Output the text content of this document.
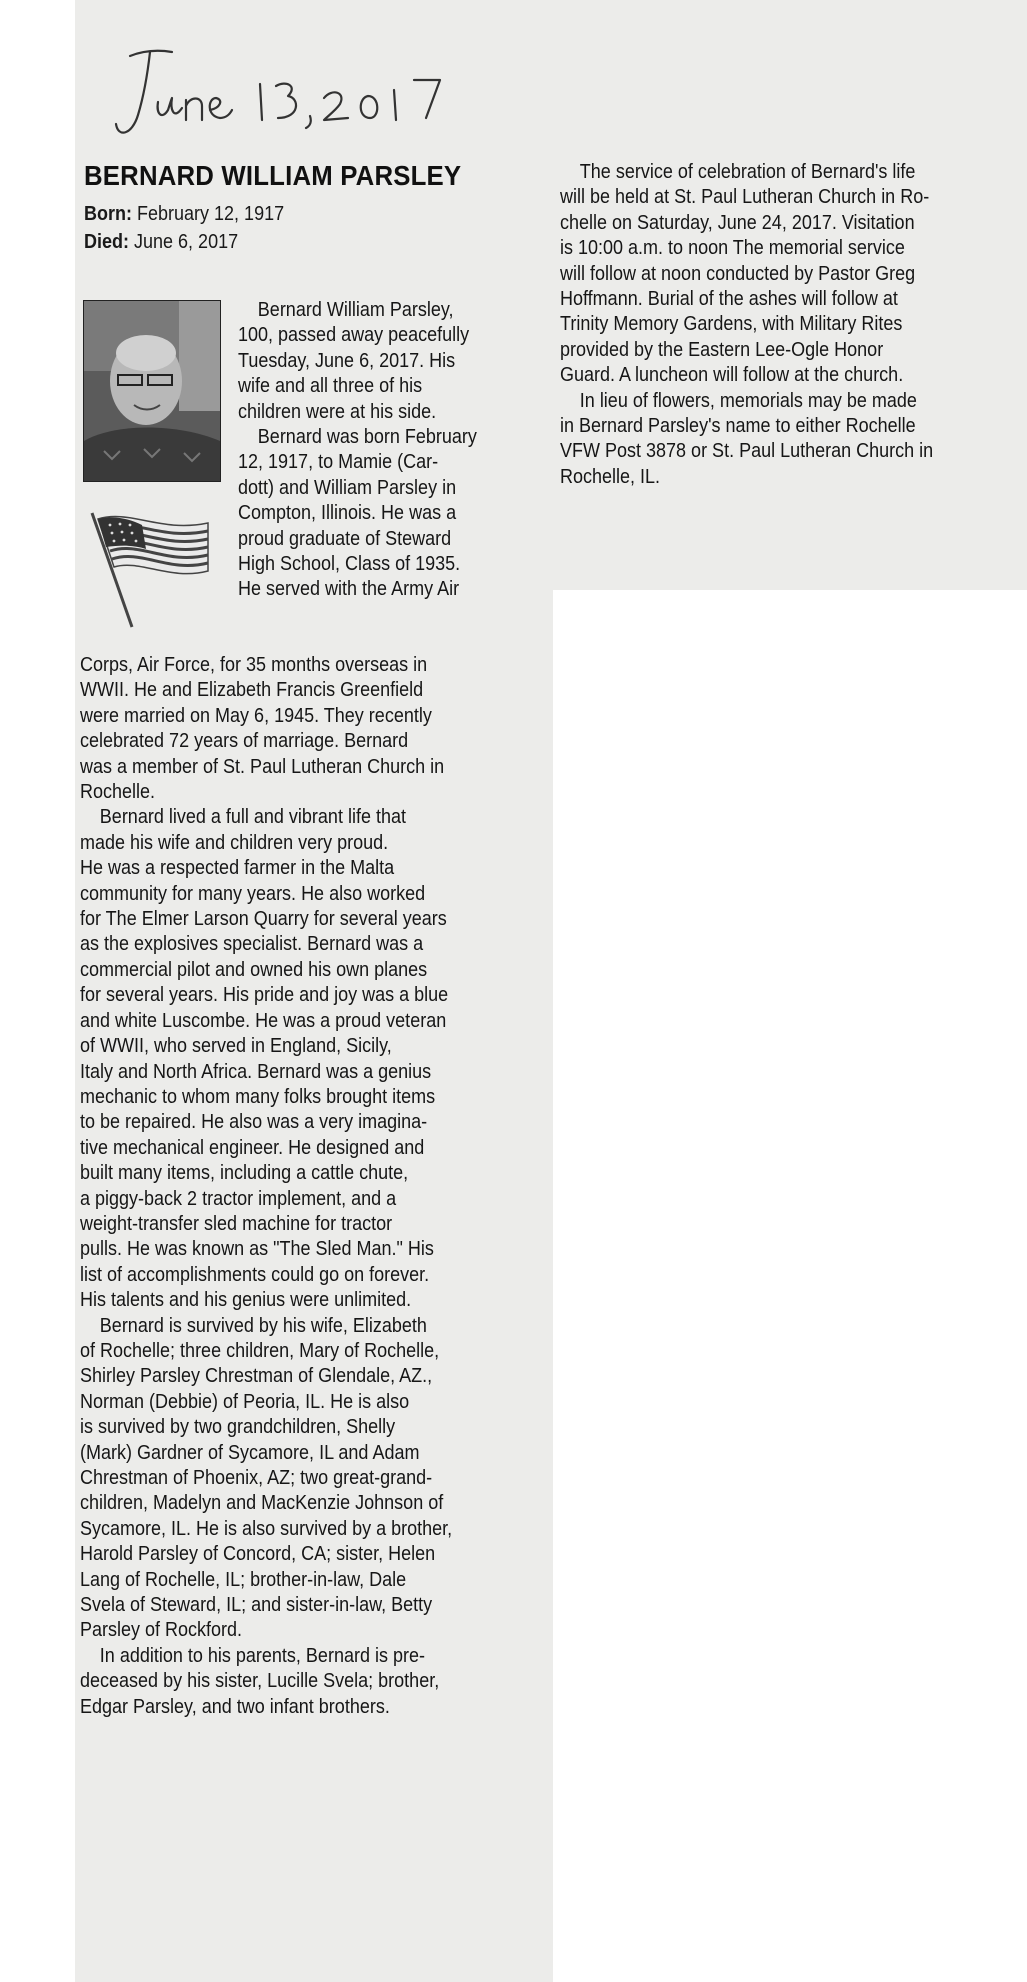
BERNARD WILLIAM PARSLEY
Born: February 12, 1917
Died: June 6, 2017
Bernard William Parsley,
100, passed away peacefully
Tuesday, June 6, 2017. His
wife and all three of his
children were at his side.
Bernard was born February
12, 1917, to Mamie (Car-
dott) and William Parsley in
Compton, Illinois. He was a
proud graduate of Steward
High School, Class of 1935.
He served with the Army Air
Corps, Air Force, for 35 months overseas in
WWII. He and Elizabeth Francis Greenfield
were married on May 6, 1945. They recently
celebrated 72 years of marriage. Bernard
was a member of St. Paul Lutheran Church in
Rochelle.
Bernard lived a full and vibrant life that
made his wife and children very proud.
He was a respected farmer in the Malta
community for many years. He also worked
for The Elmer Larson Quarry for several years
as the explosives specialist. Bernard was a
commercial pilot and owned his own planes
for several years. His pride and joy was a blue
and white Luscombe. He was a proud veteran
of WWII, who served in England, Sicily,
Italy and North Africa. Bernard was a genius
mechanic to whom many folks brought items
to be repaired. He also was a very imagina-
tive mechanical engineer. He designed and
built many items, including a cattle chute,
a piggy-back 2 tractor implement, and a
weight-transfer sled machine for tractor
pulls. He was known as "The Sled Man." His
list of accomplishments could go on forever.
His talents and his genius were unlimited.
Bernard is survived by his wife, Elizabeth
of Rochelle; three children, Mary of Rochelle,
Shirley Parsley Chrestman of Glendale, AZ.,
Norman (Debbie) of Peoria, IL. He is also
is survived by two grandchildren, Shelly
(Mark) Gardner of Sycamore, IL and Adam
Chrestman of Phoenix, AZ; two great-grand-
children, Madelyn and MacKenzie Johnson of
Sycamore, IL. He is also survived by a brother,
Harold Parsley of Concord, CA; sister, Helen
Lang of Rochelle, IL; brother-in-law, Dale
Svela of Steward, IL; and sister-in-law, Betty
Parsley of Rockford.
In addition to his parents, Bernard is pre-
deceased by his sister, Lucille Svela; brother,
Edgar Parsley, and two infant brothers.
The service of celebration of Bernard's life
will be held at St. Paul Lutheran Church in Ro-
chelle on Saturday, June 24, 2017. Visitation
is 10:00 a.m. to noon The memorial service
will follow at noon conducted by Pastor Greg
Hoffmann. Burial of the ashes will follow at
Trinity Memory Gardens, with Military Rites
provided by the Eastern Lee-Ogle Honor
Guard. A luncheon will follow at the church.
In lieu of flowers, memorials may be made
in Bernard Parsley's name to either Rochelle
VFW Post 3878 or St. Paul Lutheran Church in
Rochelle, IL.
